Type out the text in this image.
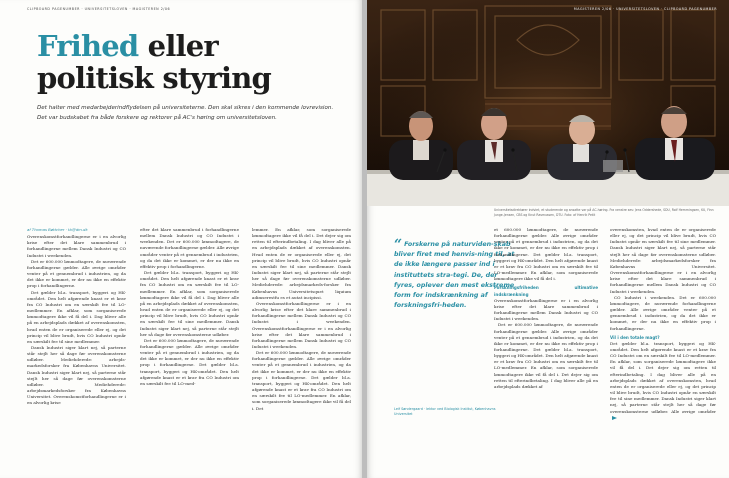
CLIPBOARD PAGENUMBER · UNIVERSITETSLOVEN · MAGISTEREN 2/06
Frihed eller
politisk styring

Det halter med medarbejderindflydelsen på universiteterne. Den skal sikres i den kommende lovrevision. Det var budskabet fra både forskere og rektorer på AC's høring om universitetsloven.

af Thomas Bøttcher · tb@dm.dk

Overenskomstforhandlingerne er i en alvorlig krise efter det klare sammenbrud i forhandlingerne mellem Dansk Industri og CO Industri i weekenden.

Det er 600.000 lønmodtagere, de nuværende forhandlingerne gælder. Alle øvrige områder venter på et gennembrud i industrien, og da det ikke er kommet, er der nu ikke en effektiv prop i forhandlingerne.

Det gælder bl.a. transport, byggeri og HK-området. Den helt afgørende knast er et krav fra CO Industri om en særskilt fee til LO-medlemmer. En afklar, som sorganiserede lønmodtagere ikke vil få del i. Dag bliver alle på en arbejdsplads dækket af overenskomsten, hvad enten de er organiserede eller ej, og det princip vil blive brudt, hvis CO Industri opnår en særskilt fee til sine medlemmer.

Dansk Industri siger klart nej, så parterne står stejlt her så dage før overenskomsterne udløber. Mediehderede: arbejds-markedsforsker fra Københavns Universitet. Dansk Industri siger klart nej, så parterne står stejlt her så dage før overenskomsterne udløber. Mediehderede: arbejdsmarkedsforsker fra Københavns Universitet. Overenskomstforhandlingerne er i en alvorlig krise

efter det klare sammenbrud i forhandlingerne mellem Dansk Industri og CO Industri i weekenden. Det er 600.000 lønmodtagere, de nuværende forhandlingerne gælder. Alle øvrige områder venter på et gennembrud i industrien, og da det ikke er kommet, er der nu ikke en effektiv prop i forhandlingerne.

Det gælder bl.a. transport, byggeri og HK-området. Den helt afgørende knast er et krav fra CO Industri om en særskilt fee til LO-medlemmer. En afklar, som sorganiserede lønmodtagere ikke vil få del i. Dag bliver alle på en arbejdsplads dækket af overenskomsten, hvad enten de er organiserede eller ej, og det princip vil blive brudt, hvis CO Industri opnår en særskilt fee til sine medlemmer. Dansk Industri siger klart nej, så parterne står stejlt her så dage før overenskomsterne udløber.

Det er 600.000 lønmodtagere, de nuværende forhandlingerne gælder. Alle øvrige områder venter på et gennembrud i industrien, og da det ikke er kommet, er der nu ikke en effektiv prop i forhandlingerne. Det gælder bl.a. transport, byggeri og HK-området. Den helt afgørende knast er et krav fra CO Industri om en særskilt fee til LO-med-

lemmer. En afklar, som sorganiserede lønmodtagere ikke vil få del i. Det dejer sig om retten til efterindbetaling. I dag bliver alle på en arbejdsplads dækket af overenskomsten. Hvad enten de er organiserede eller ej, det princip vil blive brudt, hvis CO Industri opnår en særskilt fee til sine medlemmer. Dansk Industri siger klart nej, så parterne står stejlt her så dage før overenskomsterne udløber. Mediehderede: arbejdsmarkeds-forsker fra Københavns Universitetsquet liquium adimserestfu es et autat incipissi.

Overenskomstforhandlingerne er i en alvorlig krise efter det klare sammenbrud i forhandlingerne mellem Dansk Industri og CO Industri i weekenden. Overenskomstforhandlingerne er i en alvorlig krise efter det klare sammenbrud i forhandlingerne mellem Dansk Industri og CO Industri i weekenden.

Det er 600.000 lønmodtagere, de nuværende forhandlingerne gælder. Alle øvrige områder venter på et gennembrud i industrien, og da det ikke er kommet, er der nu ikke en effektiv prop i forhandlingerne. Det gælder bl.a. transport, byggeri og HK-området. Den helt afgørende knast er et krav fra CO Industri om en særskilt fee til LO-medlemmer. En afklar, som sorganiserede lønmodtagere ikke vil få del i. Det

MAGISTEREN 2/06 · UNIVERSITETSLOVEN · CLIPBOARD PAGENUMBER
Universitetsdirektører indviet, et studerende og ansatte var på AC-høring. Fra venstre ses: Jens Oddershede, SDU, Rolf Hemmingsen, KU, Finn Junge-Jensen, CBS og Knut Rasmussen, DTU. Foto: af Henrik Petit
“ Forskerne på naturviden-skab bliver firet med henvis-ning til, at de ikke længere passer ind i instituttets stra-tegi. De, der fyres, oplever den mest ekstreme form for indskrænkning af forskningsfri-heden.
Leif Søndergaard · lektor ved Biologisk Institut, Københavns Universitet

et 600.000 lønmodtagere, de nuværende forhandlingerne gælder. Alle øvrige områder venter på et gennembrud i industrien, og da det ikke er kommet, er der nu ikke en effektiv prop i forhandlingerne. Det gælder bl.a. transport, byggeri og HK-området. Den helt afgørende knast er et krav fra CO Industri om en særskilt fee til LO-medlemmer. En afklar, som sorganiserede lønmodtagere ikke vil få del i.

Forskningsfriheden ultimative indskrænkning

Overenskomstforhandlingerne er i en alvorlig krise efter det klare sammenbrud i forhandlingerne mellem Dansk Industri og CO Industri i weekenden.

Det er 600.000 lønmodtagere, de nuværende forhandlingerne gælder. Alle øvrige områder venter på et gennembrud i industrien, og da det ikke er kommet, er der nu ikke en effektiv prop i forhandlingerne. Det gælder bl.a. transport, byggeri og HK-området. Den helt afgørende knast er et krav fra CO Industri om en særskilt fee til LO-medlemmer. En afklar, som sorganiserede lønmodtagere ikke vil få del i. Det dejer sig om retten til efterindbetaling. I dag bliver alle på en arbejdsplads dækket af

overenskomsten, hvad enten de er organiserede eller ej, og det princip vil blive brudt, hvis CO Industri opnår en særskilt fee til sine medlemmer. Dansk Industri siger klart nej, så parterne står stejlt her så dage før overenskomsterne udløber. Mediehderede: arbejdsmarkedsforsker fra Københavns Universitet. Overenskomstforhandlingerne er i en alvorlig krise efter det klare sammenbrud i forhandlingerne mellem Dansk Industri og CO Industri i weekenden.

CO Industri i weekenden. Det er 600.000 lønmodtagere, de nuværende forhandlingerne gælder. Alle øvrige områder venter på et gennembrud i industrien, og da det ikke er kommet, er der nu ikke en effektiv prop i forhandlingerne.

Vil i den totale magt?

Det gælder bl.a. transport, byggeri og HK-området. Den helt afgørende knast er et krav fra CO Industri om en særskilt fee til LO-medlemmer. En afklar, som sorganiserede lønmodtagere ikke vil få del i. Det dejer sig om retten til efterindbetaling. I dag bliver alle på en arbejdsplads dækket af overenskomsten, hvad enten de er organiserede eller ej, og det princip vil blive brudt, hvis CO Industri opnår en særskilt fee til sine medlemmer. Dansk Industri siger klart nej, så parterne står stejlt her så dage før overenskomsterne udløber. Alle øvrige områder
